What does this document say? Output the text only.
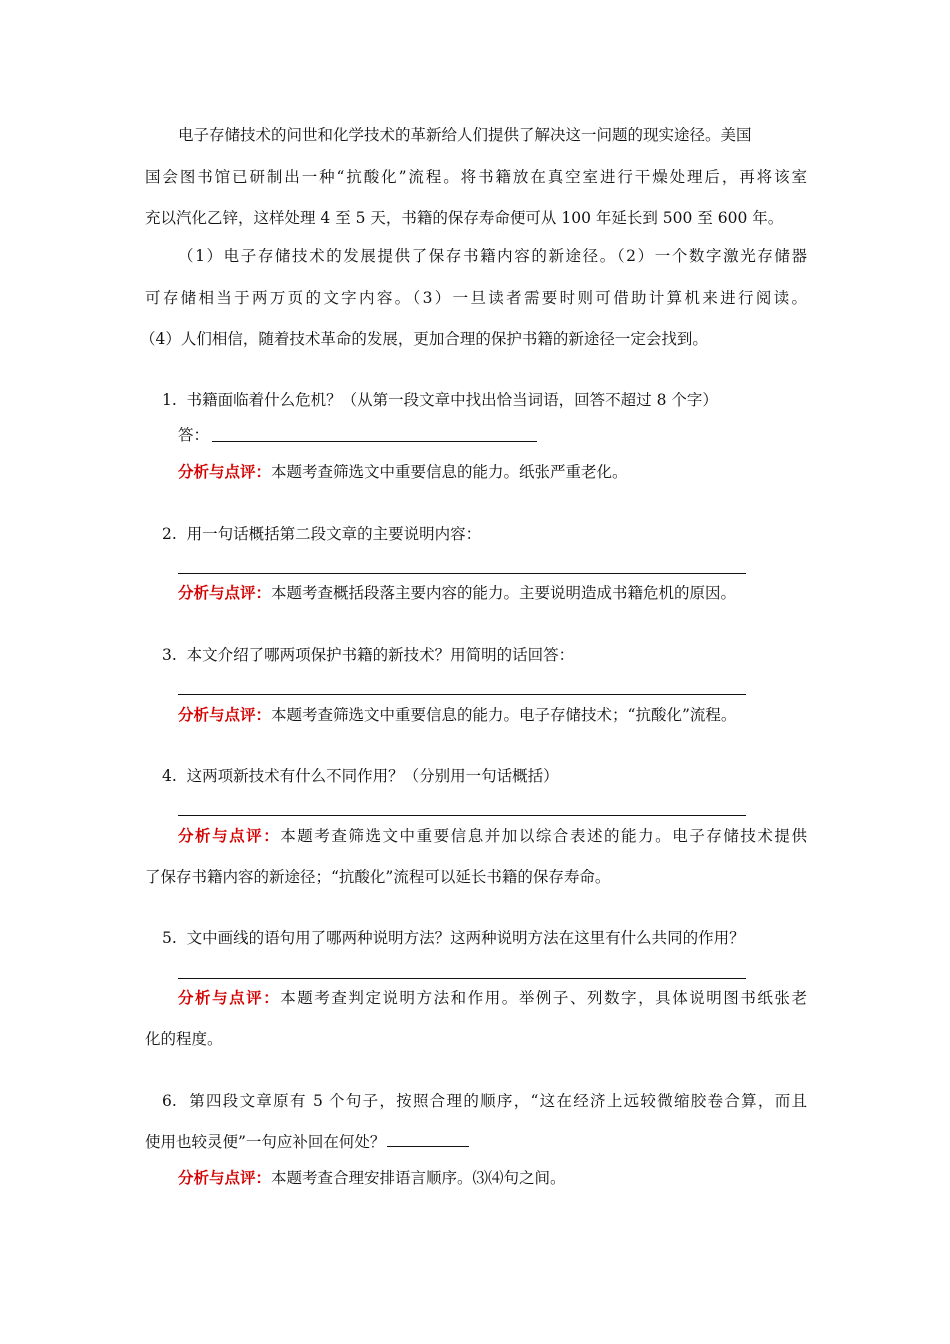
电子存储技术的问世和化学技术的革新给人们提供了解决这一问题的现实途径。美国
国会图书馆已研制出一种“抗酸化”流程。将书籍放在真空室进行干燥处理后，再将该室
充以汽化乙锌，这样处理 4 至 5 天，书籍的保存寿命便可从 100 年延长到 500 至 600 年。
（1）电子存储技术的发展提供了保存书籍内容的新途径。（2）一个数字激光存储器
可存储相当于两万页的文字内容。（3）一旦读者需要时则可借助计算机来进行阅读。
（4）人们相信，随着技术革命的发展，更加合理的保护书籍的新途径一定会找到。
1. 书籍面临着什么危机？（从第一段文章中找出恰当词语，回答不超过 8 个字）
答：
分析与点评：本题考查筛选文中重要信息的能力。纸张严重老化。
2. 用一句话概括第二段文章的主要说明内容：
分析与点评：本题考查概括段落主要内容的能力。主要说明造成书籍危机的原因。
3. 本文介绍了哪两项保护书籍的新技术？用简明的话回答：
分析与点评：本题考查筛选文中重要信息的能力。电子存储技术；“抗酸化”流程。
4. 这两项新技术有什么不同作用？（分别用一句话概括）
分析与点评：本题考查筛选文中重要信息并加以综合表述的能力。电子存储技术提供
了保存书籍内容的新途径；“抗酸化”流程可以延长书籍的保存寿命。
5. 文中画线的语句用了哪两种说明方法？这两种说明方法在这里有什么共同的作用？
分析与点评：本题考查判定说明方法和作用。举例子、列数字，具体说明图书纸张老
化的程度。
6. 第四段文章原有 5 个句子，按照合理的顺序，“这在经济上远较微缩胶卷合算，而且
使用也较灵便”一句应补回在何处？
分析与点评：本题考查合理安排语言顺序。⑶⑷句之间。
